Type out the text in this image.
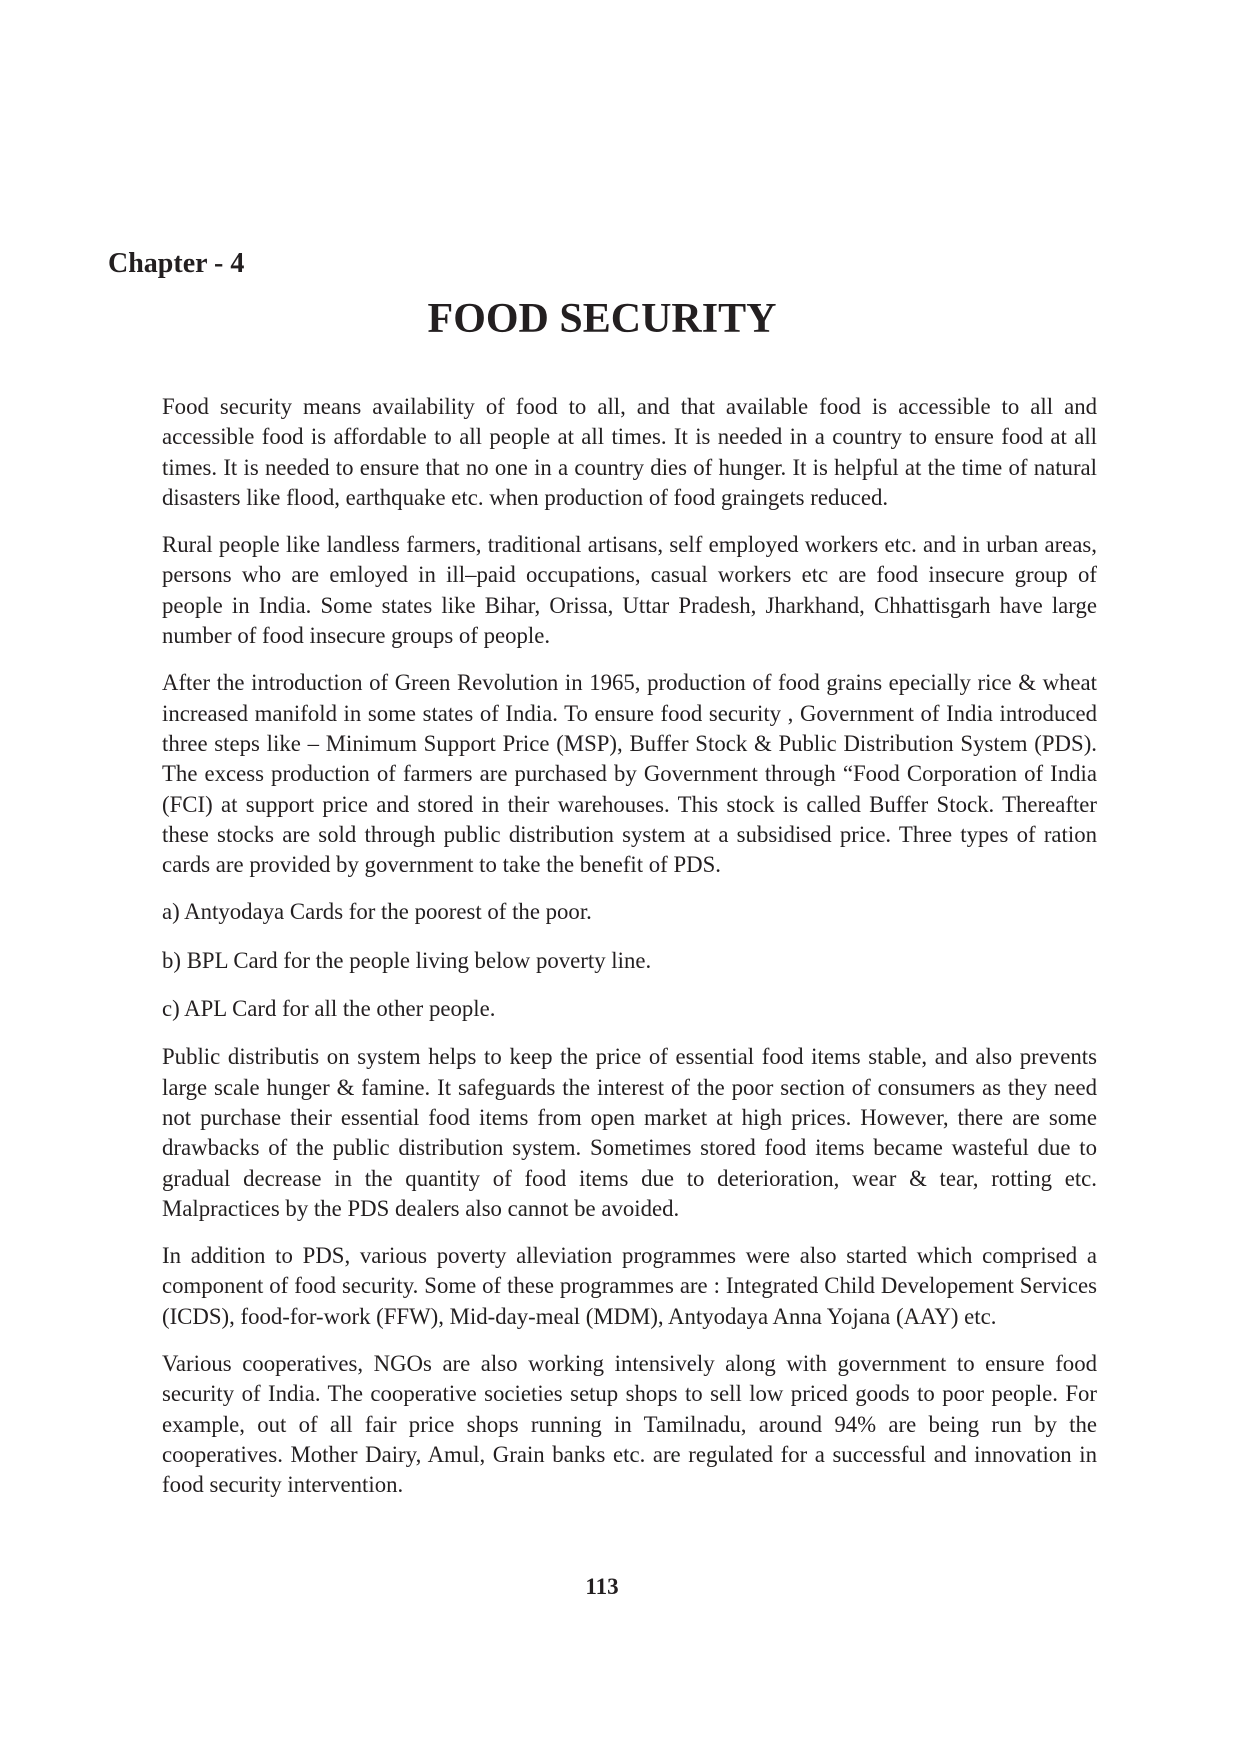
Chapter - 4
FOOD SECURITY

Food security means availability of food to all, and that available food is accessible to all and accessible food is affordable to all people at all times. It is needed in a country to ensure food at all times. It is needed to ensure that no one in a country dies of hunger. It is helpful at the time of natural disasters like flood, earthquake etc. when production of food graingets reduced.

Rural people like landless farmers, traditional artisans, self employed workers etc. and in urban areas, persons who are emloyed in ill–paid occupations, casual workers etc are food insecure group of people in India. Some states like Bihar, Orissa, Uttar Pradesh, Jharkhand, Chhattisgarh have large number of food insecure groups of people.

After the introduction of Green Revolution in 1965, production of food grains epecially rice & wheat increased manifold in some states of India. To ensure food security , Government of India introduced three steps like – Minimum Support Price (MSP), Buffer Stock & Public Distribution System (PDS). The excess production of farmers are purchased by Government through “Food Corporation of India (FCI) at support price and stored in their warehouses. This stock is called Buffer Stock. Thereafter these stocks are sold through public distribution system at a subsidised price. Three types of ration cards are provided by government to take the benefit of PDS.

a) Antyodaya Cards for the poorest of the poor.

b) BPL Card for the people living below poverty line.

c) APL Card for all the other people.

Public distributis on system helps to keep the price of essential food items stable, and also prevents large scale hunger & famine. It safeguards the interest of the poor section of consumers as they need not purchase their essential food items from open market at high prices. However, there are some drawbacks of the public distribution system. Sometimes stored food items became wasteful due to gradual decrease in the quantity of food items due to deterioration, wear & tear, rotting etc. Malpractices by the PDS dealers also cannot be avoided.

In addition to PDS, various poverty alleviation programmes were also started which comprised a component of food security. Some of these programmes are : Integrated Child Developement Services (ICDS), food-for-work (FFW), Mid-day-meal (MDM), Antyodaya Anna Yojana (AAY) etc.

Various cooperatives, NGOs are also working intensively along with government to ensure food security of India. The cooperative societies setup shops to sell low priced goods to poor people. For example, out of all fair price shops running in Tamilnadu, around 94% are being run by the cooperatives. Mother Dairy, Amul, Grain banks etc. are regulated for a successful and innovation in food security intervention.

113
